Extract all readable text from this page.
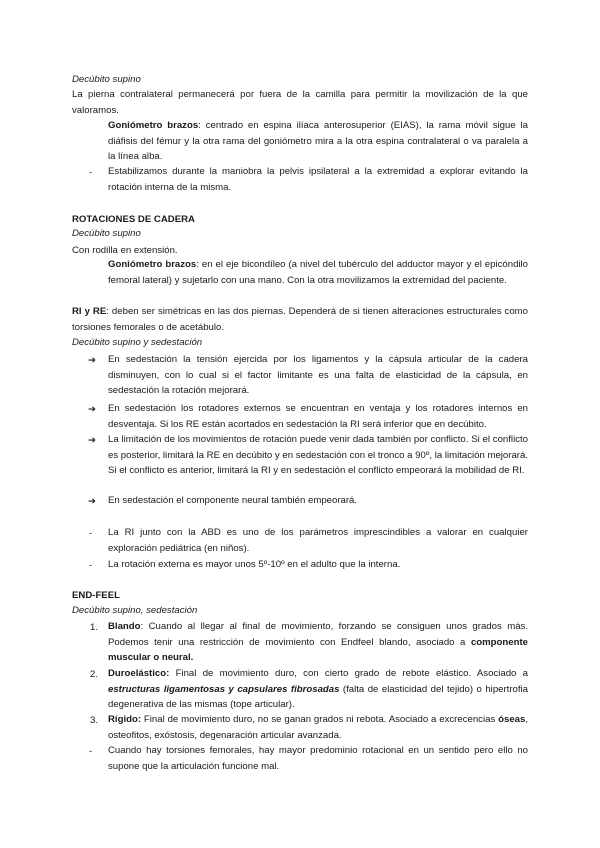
Decúbito supino
La pierna contralateral permanecerá por fuera de la camilla para permitir la movilización de la que valoramos.
Goniómetro brazos: centrado en espina ilíaca anterosuperior (EIAS), la rama móvil sigue la diáfisis del fémur y la otra rama del goniómetro mira a la otra espina contralateral o va paralela a la línea alba.
- Estabilizamos durante la maniobra la pelvis ipsilateral a la extremidad a explorar evitando la rotación interna de la misma.
ROTACIONES DE CADERA
Decúbito supino
Con rodilla en extensión.
Goniómetro brazos: en el eje bicondíleo (a nivel del tubérculo del adductor mayor y el epicóndilo femoral lateral) y sujetarlo con una mano. Con la otra movilizamos la extremidad del paciente.
RI y RE: deben ser simétricas en las dos piernas. Dependerá de si tienen alteraciones estructurales como torsiones femorales o de acetábulo.
Decúbito supino y sedestación
➔ En sedestación la tensión ejercida por los ligamentos y la cápsula articular de la cadera disminuyen, con lo cual si el factor limitante es una falta de elasticidad de la cápsula, en sedestación la rotación mejorará.
➔ En sedestación los rotadores externos se encuentran en ventaja y los rotadores internos en desventaja. Si los RE están acortados en sedestación la RI será inferior que en decúbito.
➔ La limitación de los movimientos de rotación puede venir dada también por conflicto. Si el conflicto es posterior, limitará la RE en decúbito y en sedestación con el tronco a 90º, la limitación mejorará. Si el conflicto es anterior, limitará la RI y en sedestación el conflicto empeorará la mobilidad de RI.
➔ En sedestación el componente neural también empeorará.
- La RI junto con la ABD es uno de los parámetros imprescindibles a valorar en cualquier exploración pediátrica (en niños).
- La rotación externa es mayor unos 5º-10º en el adulto que la interna.
END-FEEL
Decúbito supino, sedestación
1. Blando: Cuando al llegar al final de movimiento, forzando se consiguen unos grados más. Podemos tenir una restricción de movimiento con Endfeel blando, asociado a componente muscular o neural.
2. Duroelástico: Final de movimiento duro, con cierto grado de rebote elástico. Asociado a estructuras ligamentosas y capsulares fibrosadas (falta de elasticidad del tejido) o hipertrofia degenerativa de las mismas (tope articular).
3. Rígido: Final de movimiento duro, no se ganan grados ni rebota. Asociado a excrecencias óseas, osteofitos, exóstosis, degenaración articular avanzada.
- Cuando hay torsiones femorales, hay mayor predominio rotacional en un sentido pero ello no supone que la articulación funcione mal.
